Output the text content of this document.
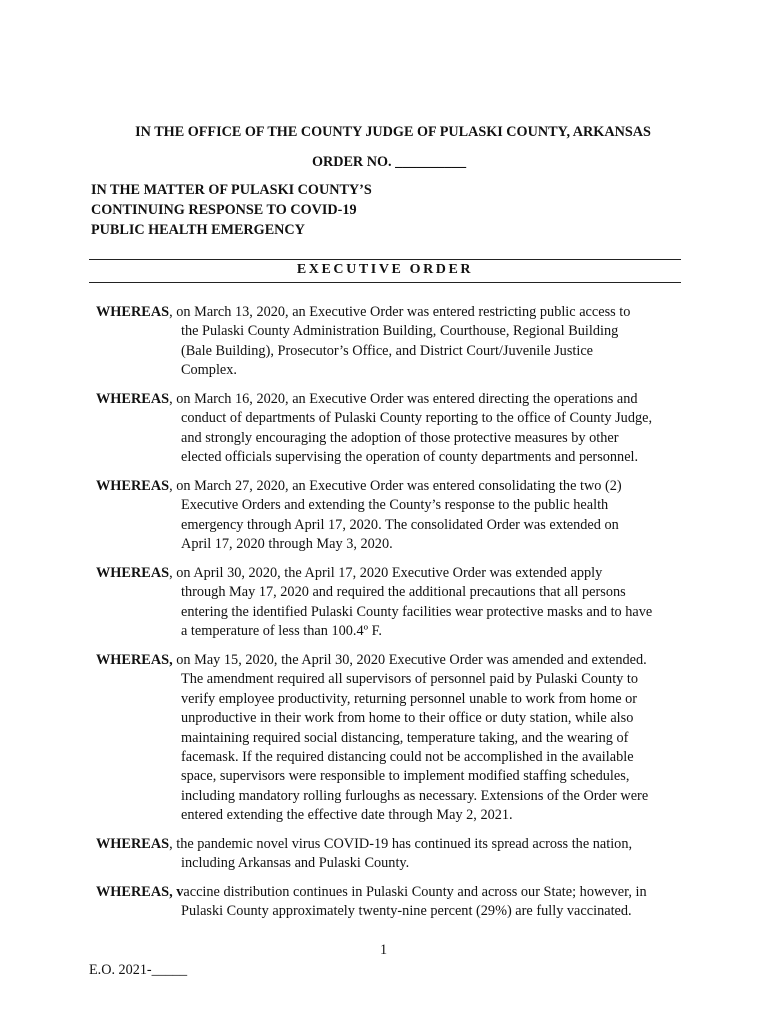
IN THE OFFICE OF THE COUNTY JUDGE OF PULASKI COUNTY, ARKANSAS
ORDER NO. __________
IN THE MATTER OF PULASKI COUNTY’S
CONTINUING RESPONSE TO COVID-19
PUBLIC HEALTH EMERGENCY
EXECUTIVE ORDER
WHEREAS, on March 13, 2020, an Executive Order was entered restricting public access to
the Pulaski County Administration Building, Courthouse, Regional Building
(Bale Building), Prosecutor’s Office, and District Court/Juvenile Justice
Complex.
WHEREAS, on March 16, 2020, an Executive Order was entered directing the operations and
conduct of departments of Pulaski County reporting to the office of County Judge,
and strongly encouraging the adoption of those protective measures by other
elected officials supervising the operation of county departments and personnel.
WHEREAS, on March 27, 2020, an Executive Order was entered consolidating the two (2)
Executive Orders and extending the County’s response to the public health
emergency through April 17, 2020. The consolidated Order was extended on
April 17, 2020 through May 3, 2020.
WHEREAS, on April 30, 2020, the April 17, 2020 Executive Order was extended apply
through May 17, 2020 and required the additional precautions that all persons
entering the identified Pulaski County facilities wear protective masks and to have
a temperature of less than 100.4º F.
WHEREAS, on May 15, 2020, the April 30, 2020 Executive Order was amended and extended.
The amendment required all supervisors of personnel paid by Pulaski County to
verify employee productivity, returning personnel unable to work from home or
unproductive in their work from home to their office or duty station, while also
maintaining required social distancing, temperature taking, and the wearing of
facemask. If the required distancing could not be accomplished in the available
space, supervisors were responsible to implement modified staffing schedules,
including mandatory rolling furloughs as necessary. Extensions of the Order were
entered extending the effective date through May 2, 2021.
WHEREAS, the pandemic novel virus COVID-19 has continued its spread across the nation,
including Arkansas and Pulaski County.
WHEREAS, vaccine distribution continues in Pulaski County and across our State; however, in
Pulaski County approximately twenty-nine percent (29%) are fully vaccinated.
1
E.O. 2021-_____
